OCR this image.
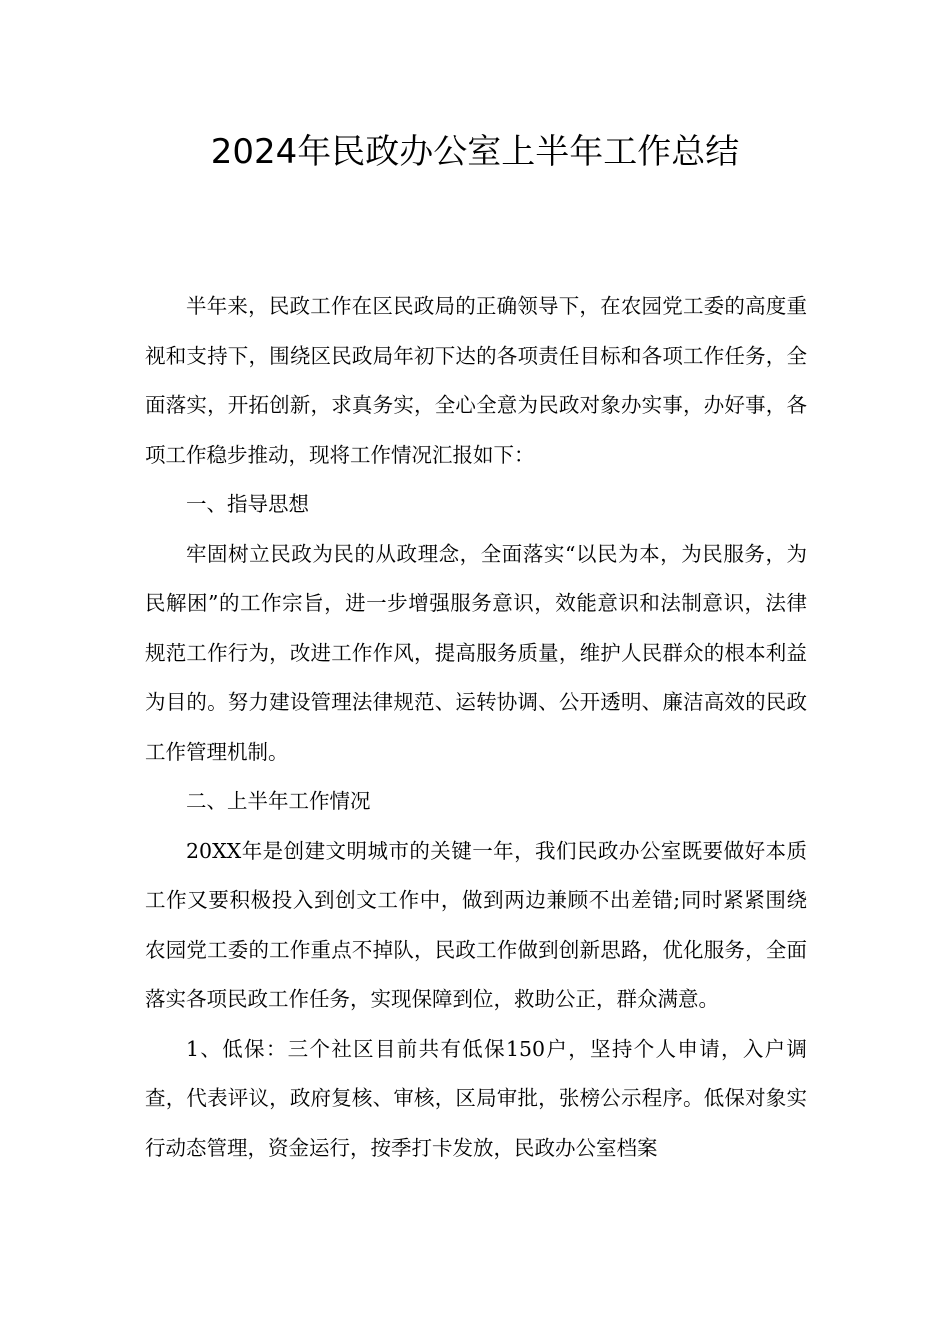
2024年民政办公室上半年工作总结

半年来，民政工作在区民政局的正确领导下，在农园党工委的高度重视和支持下，围绕区民政局年初下达的各项责任目标和各项工作任务，全面落实，开拓创新，求真务实，全心全意为民政对象办实事，办好事，各项工作稳步推动，现将工作情况汇报如下：

一、指导思想

牢固树立民政为民的从政理念，全面落实“以民为本，为民服务，为民解困”的工作宗旨，进一步增强服务意识，效能意识和法制意识，法律规范工作行为，改进工作作风，提高服务质量，维护人民群众的根本利益为目的。努力建设管理法律规范、运转协调、公开透明、廉洁高效的民政工作管理机制。

二、上半年工作情况

20XX年是创建文明城市的关键一年，我们民政办公室既要做好本质工作又要积极投入到创文工作中，做到两边兼顾不出差错;同时紧紧围绕农园党工委的工作重点不掉队，民政工作做到创新思路，优化服务，全面落实各项民政工作任务，实现保障到位，救助公正，群众满意。

1、低保：三个社区目前共有低保150户，坚持个人申请，入户调查，代表评议，政府复核、审核，区局审批，张榜公示程序。低保对象实行动态管理，资金运行，按季打卡发放，民政办公室档案
